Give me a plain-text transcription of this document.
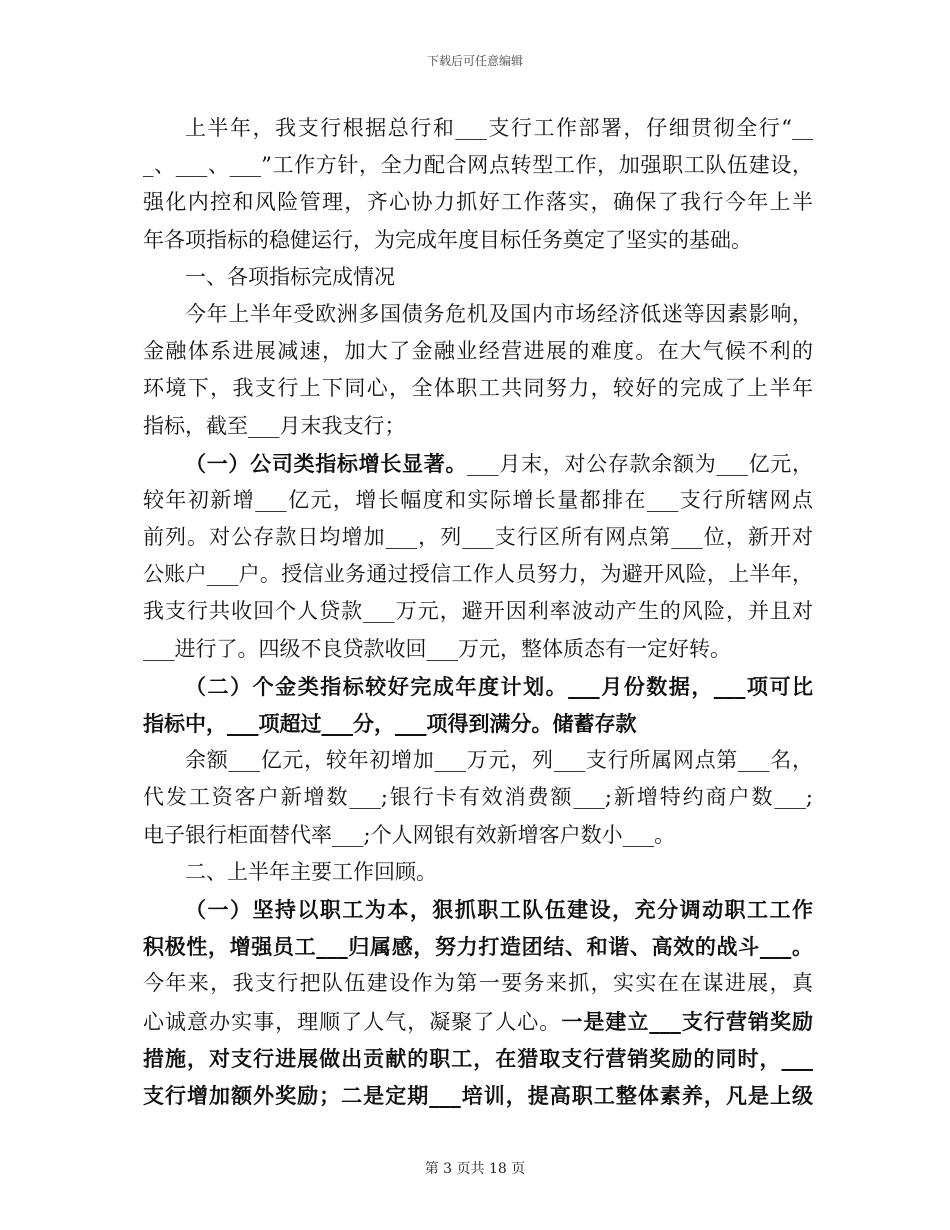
下载后可任意编辑
上半年，我支行根据总行和___支行工作部署，仔细贯彻全行“__
_、___、___”工作方针，全力配合网点转型工作，加强职工队伍建设，
强化内控和风险管理，齐心协力抓好工作落实，确保了我行今年上半
年各项指标的稳健运行，为完成年度目标任务奠定了坚实的基础。
一、各项指标完成情况
今年上半年受欧洲多国债务危机及国内市场经济低迷等因素影响，
金融体系进展减速，加大了金融业经营进展的难度。在大气候不利的
环境下，我支行上下同心，全体职工共同努力，较好的完成了上半年
指标，截至___月末我支行；
（一）公司类指标增长显著。___月末，对公存款余额为___亿元，
较年初新增___亿元，增长幅度和实际增长量都排在___支行所辖网点
前列。对公存款日均增加___，列___支行区所有网点第___位，新开对
公账户___户。授信业务通过授信工作人员努力，为避开风险，上半年，
我支行共收回个人贷款___万元，避开因利率波动产生的风险，并且对
___进行了。四级不良贷款收回___万元，整体质态有一定好转。
（二）个金类指标较好完成年度计划。___月份数据，___项可比
指标中，___项超过___分，___项得到满分。储蓄存款
余额___亿元，较年初增加___万元，列___支行所属网点第___名，
代发工资客户新增数___;银行卡有效消费额___;新增特约商户数___;
电子银行柜面替代率___;个人网银有效新增客户数小___。
二、上半年主要工作回顾。
（一）坚持以职工为本，狠抓职工队伍建设，充分调动职工工作
积极性，增强员工___归属感，努力打造团结、和谐、高效的战斗___。
今年来，我支行把队伍建设作为第一要务来抓，实实在在谋进展，真
心诚意办实事，理顺了人气，凝聚了人心。一是建立___支行营销奖励
措施，对支行进展做出贡献的职工，在猎取支行营销奖励的同时，___
支行增加额外奖励；二是定期___培训，提高职工整体素养，凡是上级
第 3 页共 18 页
